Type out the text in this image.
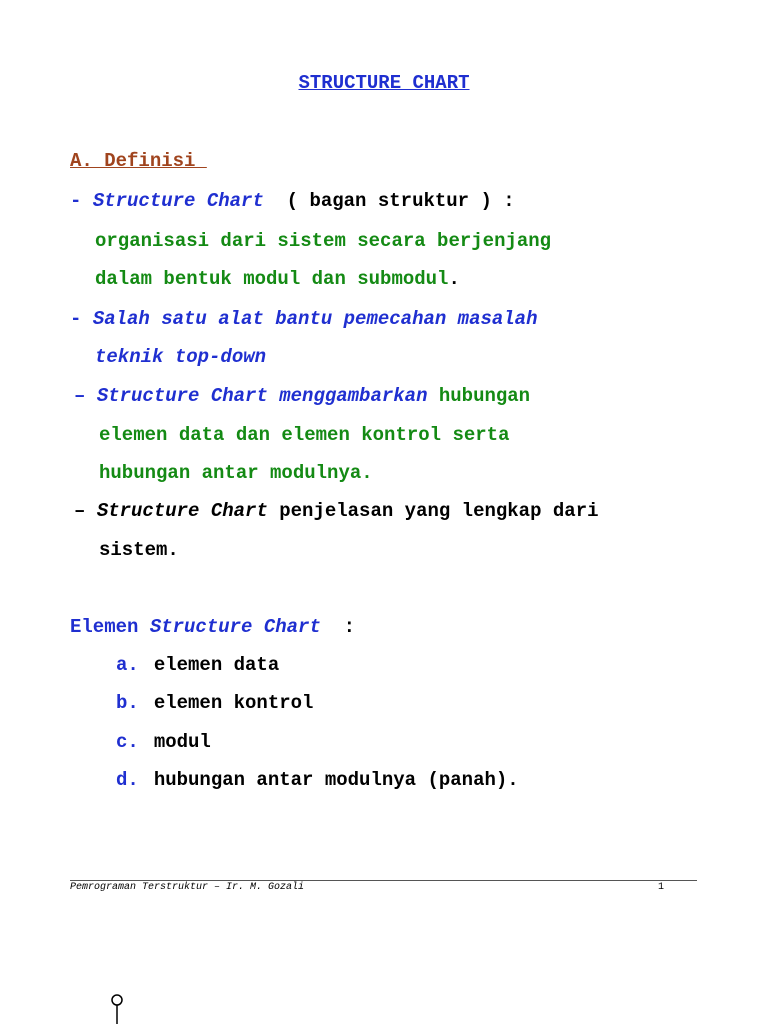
STRUCTURE CHART
A. Definisi
- Structure Chart  ( bagan struktur ) :
organisasi dari sistem secara berjenjang
dalam bentuk modul dan submodul.
- Salah satu alat bantu pemecahan masalah
teknik top-down
– Structure Chart menggambarkan hubungan
elemen data dan elemen kontrol serta
hubungan antar modulnya.
– Structure Chart penjelasan yang lengkap dari
sistem.
Elemen Structure Chart  :
a. elemen data
b. elemen kontrol
c. modul
d. hubungan antar modulnya (panah).
Pemrograman Terstruktur – Ir. M. Gozali	1
